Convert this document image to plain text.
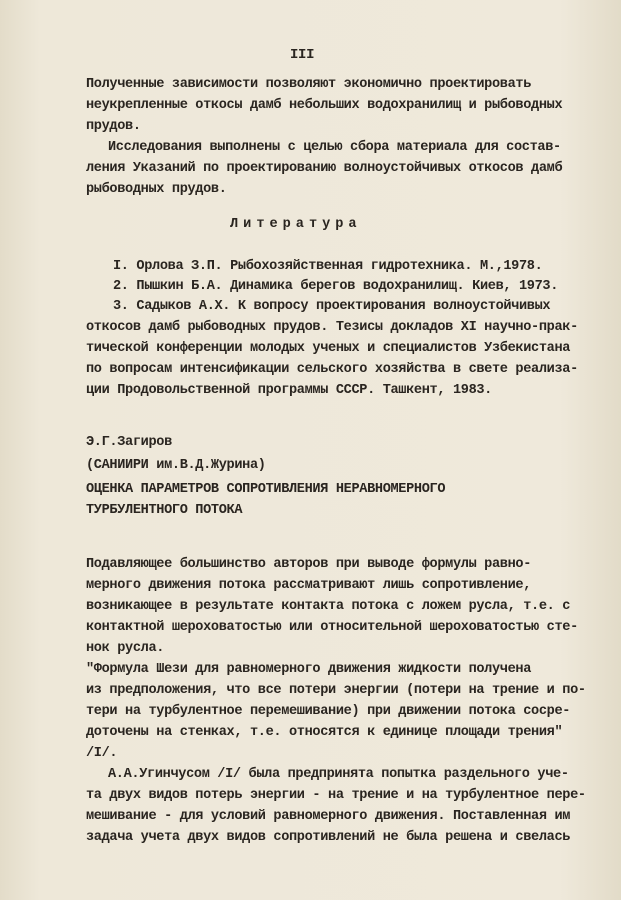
III
Полученные зависимости позволяют экономично проектировать
неукрепленные откосы дамб небольших водохранилищ и рыбоводных
прудов.
Исследования выполнены с целью сбора материала для состав-
ления Указаний по проектированию волноустойчивых откосов дамб
рыбоводных прудов.
Литература
I. Орлова З.П. Рыбохозяйственная гидротехника. М.,1978.
2. Пышкин Б.А. Динамика берегов водохранилищ. Киев, 1973.
3. Садыков А.Х. К вопросу проектирования волноустойчивых
откосов дамб рыбоводных прудов. Тезисы докладов XI научно-прак-
тической конференции молодых ученых и специалистов Узбекистана
по вопросам интенсификации сельского хозяйства в свете реализа-
ции Продовольственной программы СССР. Ташкент, 1983.
Э.Г.Загиров
(САНИИРИ им.В.Д.Журина)
ОЦЕНКА ПАРАМЕТРОВ СОПРОТИВЛЕНИЯ НЕРАВНОМЕРНОГО
ТУРБУЛЕНТНОГО ПОТОКА
Подавляющее большинство авторов при выводе формулы равно-
мерного движения потока рассматривают лишь сопротивление,
возникающее в результате контакта потока с ложем русла, т.е. с
контактной шероховатостью или относительной шероховатостью сте-
нок русла.
"Формула Шези для равномерного движения жидкости получена
из предположения, что все потери энергии (потери на трение и по-
тери на турбулентное перемешивание) при движении потока сосре-
доточены на стенках, т.е. относятся к единице площади трения"
/I/.
А.А.Угинчусом /I/ была предпринята попытка раздельного уче-
та двух видов потерь энергии - на трение и на турбулентное пере-
мешивание - для условий равномерного движения. Поставленная им
задача учета двух видов сопротивлений не была решена и свелась
